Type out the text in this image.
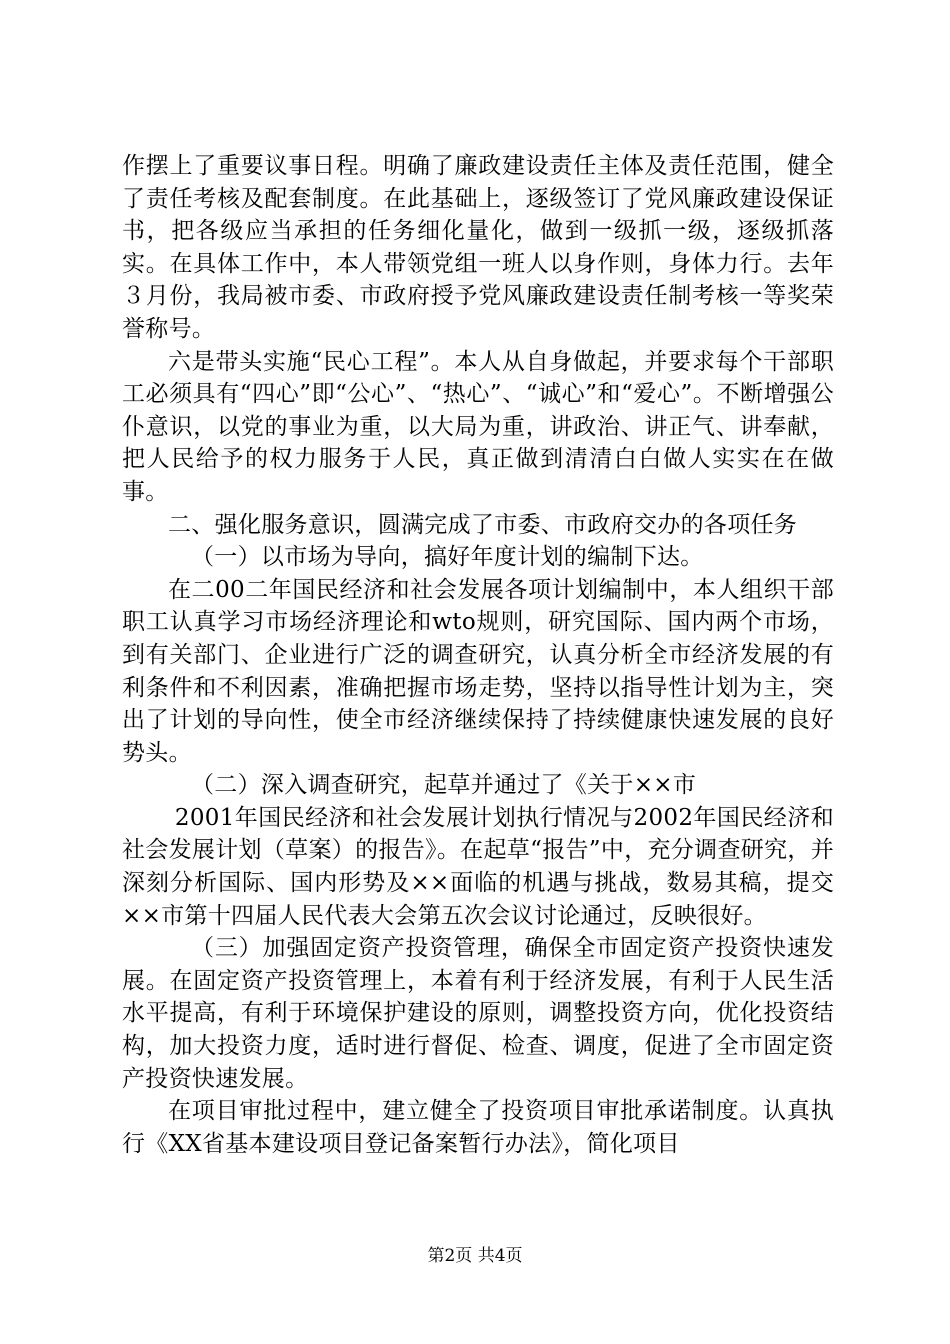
作摆上了重要议事日程。明确了廉政建设责任主体及责任范围，健全了责任考核及配套制度。在此基础上，逐级签订了党风廉政建设保证书，把各级应当承担的任务细化量化，做到一级抓一级，逐级抓落实。在具体工作中，本人带领党组一班人以身作则，身体力行。去年３月份，我局被市委、市政府授予党风廉政建设责任制考核一等奖荣誉称号。

六是带头实施“民心工程”。本人从自身做起，并要求每个干部职工必须具有“四心”即“公心”、“热心”、“诚心”和“爱心”。不断增强公仆意识，以党的事业为重，以大局为重，讲政治、讲正气、讲奉献，把人民给予的权力服务于人民，真正做到清清白白做人实实在在做事。

二、强化服务意识，圆满完成了市委、市政府交办的各项任务

（一）以市场为导向，搞好年度计划的编制下达。

在二00二年国民经济和社会发展各项计划编制中，本人组织干部职工认真学习市场经济理论和wto规则，研究国际、国内两个市场，到有关部门、企业进行广泛的调查研究，认真分析全市经济发展的有利条件和不利因素，准确把握市场走势，坚持以指导性计划为主，突出了计划的导向性，使全市经济继续保持了持续健康快速发展的良好势头。

（二）深入调查研究，起草并通过了《关于××市

2001年国民经济和社会发展计划执行情况与2002年国民经济和社会发展计划（草案）的报告》。在起草“报告”中，充分调查研究，并深刻分析国际、国内形势及××面临的机遇与挑战，数易其稿，提交××市第十四届人民代表大会第五次会议讨论通过，反映很好。

（三）加强固定资产投资管理，确保全市固定资产投资快速发展。在固定资产投资管理上，本着有利于经济发展，有利于人民生活水平提高，有利于环境保护建设的原则，调整投资方向，优化投资结构，加大投资力度，适时进行督促、检查、调度，促进了全市固定资产投资快速发展。

在项目审批过程中，建立健全了投资项目审批承诺制度。认真执行《XX省基本建设项目登记备案暂行办法》，简化项目

第2页 共4页
